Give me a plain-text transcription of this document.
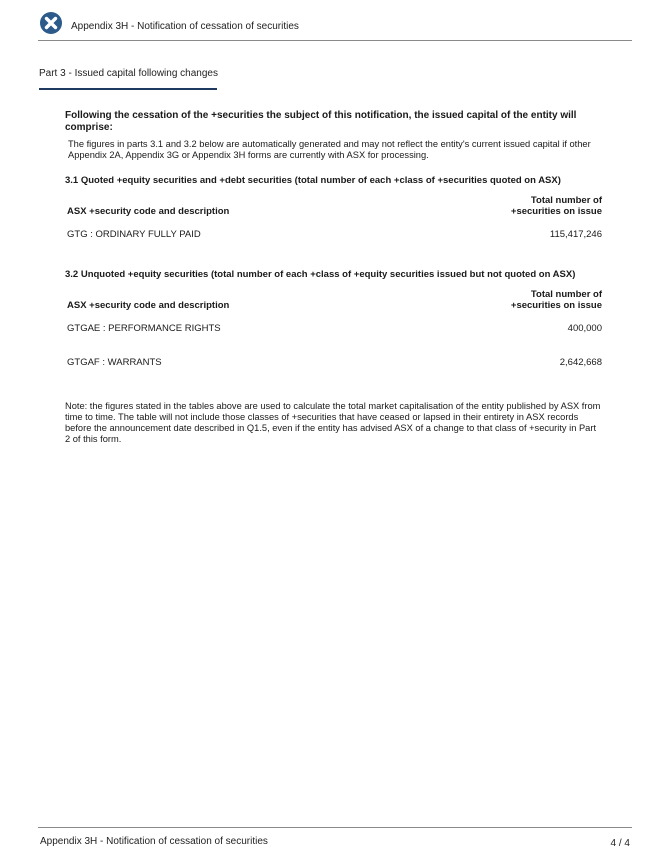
Appendix 3H - Notification of cessation of securities
Part 3 - Issued capital following changes

Following the cessation of the +securities the subject of this notification, the issued capital of the entity will comprise:

The figures in parts 3.1 and 3.2 below are automatically generated and may not reflect the entity's current issued capital if other Appendix 2A, Appendix 3G or Appendix 3H forms are currently with ASX for processing.

3.1 Quoted +equity securities and +debt securities (total number of each +class of +securities quoted on ASX)
ASX +security code and description	Total number of
+securities on issue

GTG : ORDINARY FULLY PAID	115,417,246
3.2 Unquoted +equity securities (total number of each +class of +equity securities issued but not quoted on ASX)
ASX +security code and description	Total number of
+securities on issue

GTGAE : PERFORMANCE RIGHTS	400,000
GTGAF : WARRANTS	2,642,668

Note: the figures stated in the tables above are used to calculate the total market capitalisation of the entity published by ASX from time to time. The table will not include those classes of +securities that have ceased or lapsed in their entirety in ASX records before the announcement date described in Q1.5, even if the entity has advised ASX of a change to that class of +security in Part 2 of this form.

Appendix 3H - Notification of cessation of securities	4 / 4
